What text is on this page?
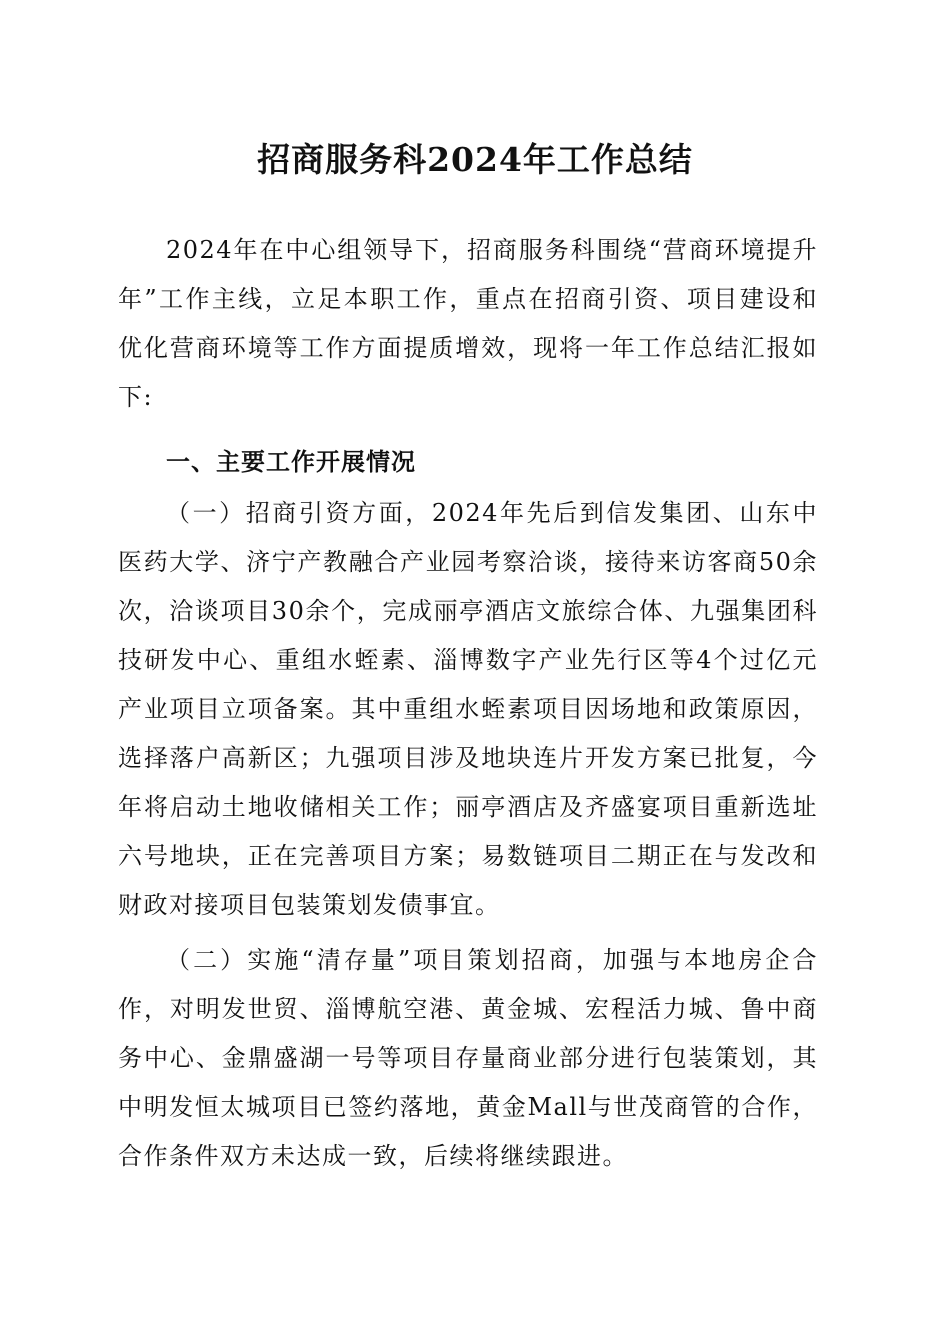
招商服务科2024年工作总结
2024年在中心组领导下，招商服务科围绕“营商环境提升年”工作主线，立足本职工作，重点在招商引资、项目建设和优化营商环境等工作方面提质增效，现将一年工作总结汇报如下:
一、主要工作开展情况
（一）招商引资方面，2024年先后到信发集团、山东中医药大学、济宁产教融合产业园考察洽谈，接待来访客商50余次，洽谈项目30余个，完成丽亭酒店文旅综合体、九强集团科技研发中心、重组水蛭素、淄博数字产业先行区等4个过亿元产业项目立项备案。其中重组水蛭素项目因场地和政策原因，选择落户高新区；九强项目涉及地块连片开发方案已批复，今年将启动土地收储相关工作；丽亭酒店及齐盛宴项目重新选址六号地块，正在完善项目方案；易数链项目二期正在与发改和财政对接项目包装策划发债事宜。
（二）实施“清存量”项目策划招商，加强与本地房企合作，对明发世贸、淄博航空港、黄金城、宏程活力城、鲁中商务中心、金鼎盛湖一号等项目存量商业部分进行包装策划，其中明发恒太城项目已签约落地，黄金Mall与世茂商管的合作，合作条件双方未达成一致，后续将继续跟进。
